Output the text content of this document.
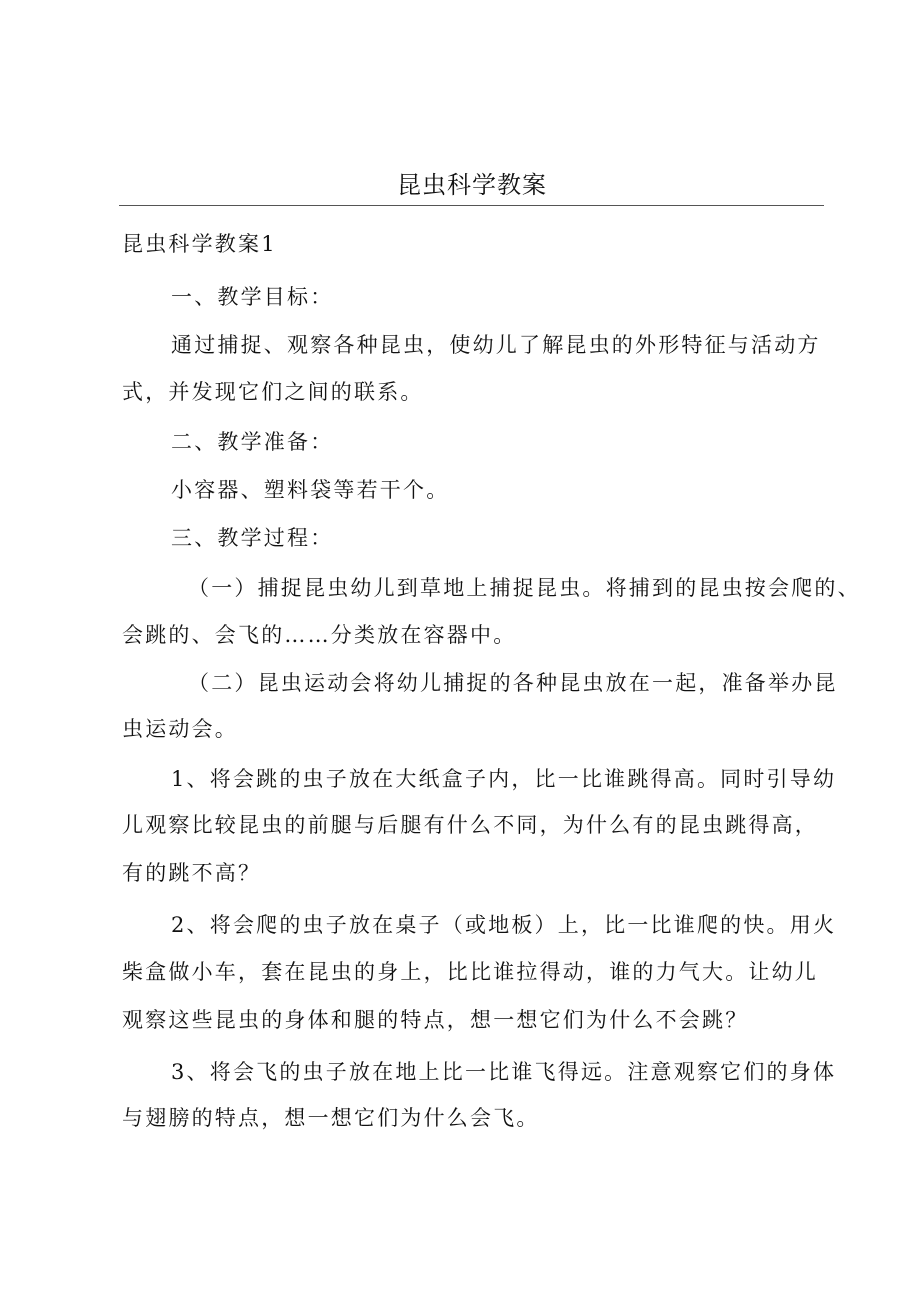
昆虫科学教案
昆虫科学教案1
一、教学目标：
通过捕捉、观察各种昆虫，使幼儿了解昆虫的外形特征与活动方
式，并发现它们之间的联系。
二、教学准备：
小容器、塑料袋等若干个。
三、教学过程：
（一）捕捉昆虫幼儿到草地上捕捉昆虫。将捕到的昆虫按会爬的、
会跳的、会飞的……分类放在容器中。
（二）昆虫运动会将幼儿捕捉的各种昆虫放在一起，准备举办昆
虫运动会。
1、将会跳的虫子放在大纸盒子内，比一比谁跳得高。同时引导幼
儿观察比较昆虫的前腿与后腿有什么不同，为什么有的昆虫跳得高，
有的跳不高？
2、将会爬的虫子放在桌子（或地板）上，比一比谁爬的快。用火
柴盒做小车，套在昆虫的身上，比比谁拉得动，谁的力气大。让幼儿
观察这些昆虫的身体和腿的特点，想一想它们为什么不会跳？
3、将会飞的虫子放在地上比一比谁飞得远。注意观察它们的身体
与翅膀的特点，想一想它们为什么会飞。
